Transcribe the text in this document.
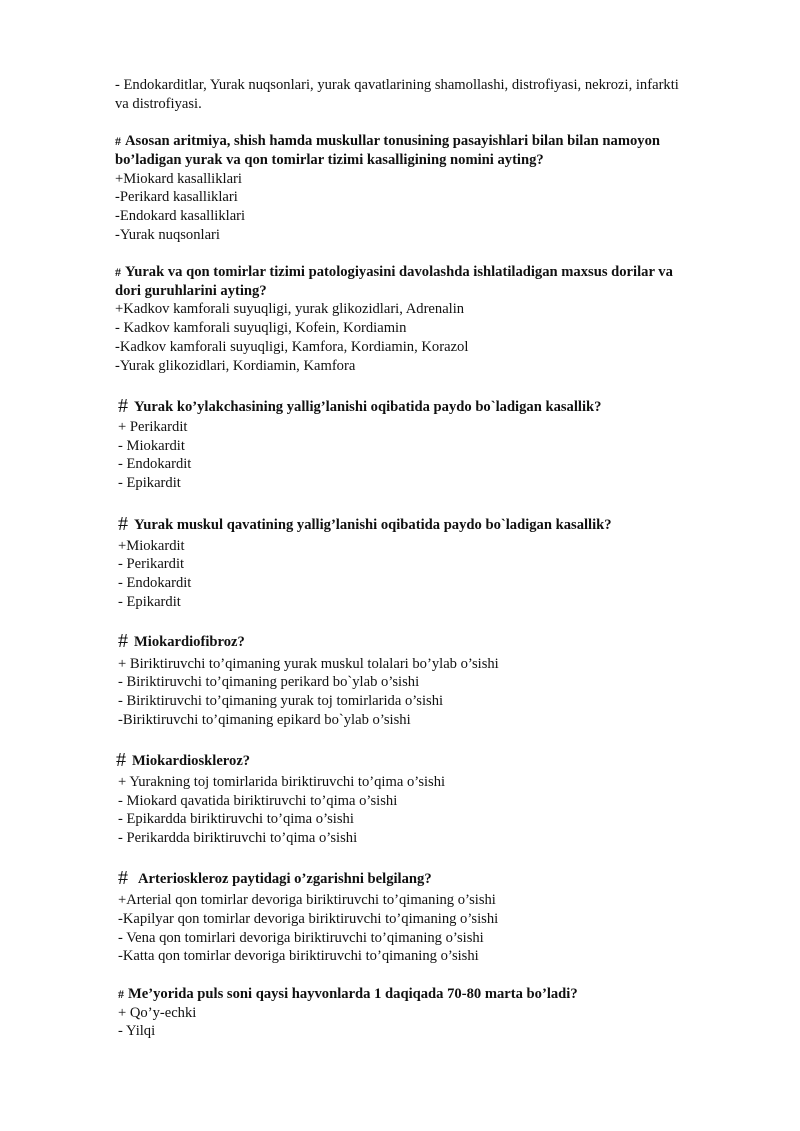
- Endokarditlar, Yurak nuqsonlari, yurak qavatlarining shamollashi, distrofiyasi, nekrozi, infarkti
va distrofiyasi.
# Asosan aritmiya, shish hamda muskullar tonusining pasayishlari bilan bilan namoyon
bo’ladigan yurak va qon tomirlar tizimi kasalligining nomini ayting?
+Miokard kasalliklari
-Perikard kasalliklari
-Endokard kasalliklari
-Yurak nuqsonlari
# Yurak va qon tomirlar tizimi patologiyasini davolashda ishlatiladigan maxsus dorilar va
dori guruhlarini ayting?
+Kadkov kamforali suyuqligi, yurak glikozidlari, Adrenalin
- Kadkov kamforali suyuqligi, Kofein, Kordiamin
-Kadkov kamforali suyuqligi, Kamfora, Kordiamin, Korazol
-Yurak glikozidlari, Kordiamin, Kamfora
# Yurak ko’ylakchasining yallig’lanishi oqibatida paydo bo`ladigan kasallik?
+ Perikardit
- Miokardit
- Endokardit
- Epikardit
# Yurak muskul qavatining yallig’lanishi oqibatida paydo bo`ladigan kasallik?
+Miokardit
- Perikardit
- Endokardit
- Epikardit
# Miokardiofibroz?
+ Biriktiruvchi to’qimaning yurak muskul tolalari bo’ylab o’sishi
- Biriktiruvchi to’qimaning perikard bo`ylab o’sishi
- Biriktiruvchi to’qimaning yurak toj tomirlarida o’sishi
-Biriktiruvchi to’qimaning epikard bo`ylab o’sishi
# Miokardioskleroz?
+ Yurakning toj tomirlarida biriktiruvchi to’qima o’sishi
- Miokard qavatida biriktiruvchi to’qima o’sishi
- Epikardda biriktiruvchi to’qima o’sishi
- Perikardda biriktiruvchi to’qima o’sishi
# Arterioskleroz paytidagi o’zgarishni belgilang?
+Arterial qon tomirlar devoriga biriktiruvchi to’qimaning o’sishi
-Kapilyar qon tomirlar devoriga biriktiruvchi to’qimaning o’sishi
- Vena qon tomirlari devoriga biriktiruvchi to’qimaning o’sishi
-Katta qon tomirlar devoriga biriktiruvchi to’qimaning o’sishi
# Me’yorida puls soni qaysi hayvonlarda 1 daqiqada 70-80 marta bo’ladi?
+ Qo’y-echki
- Yilqi
